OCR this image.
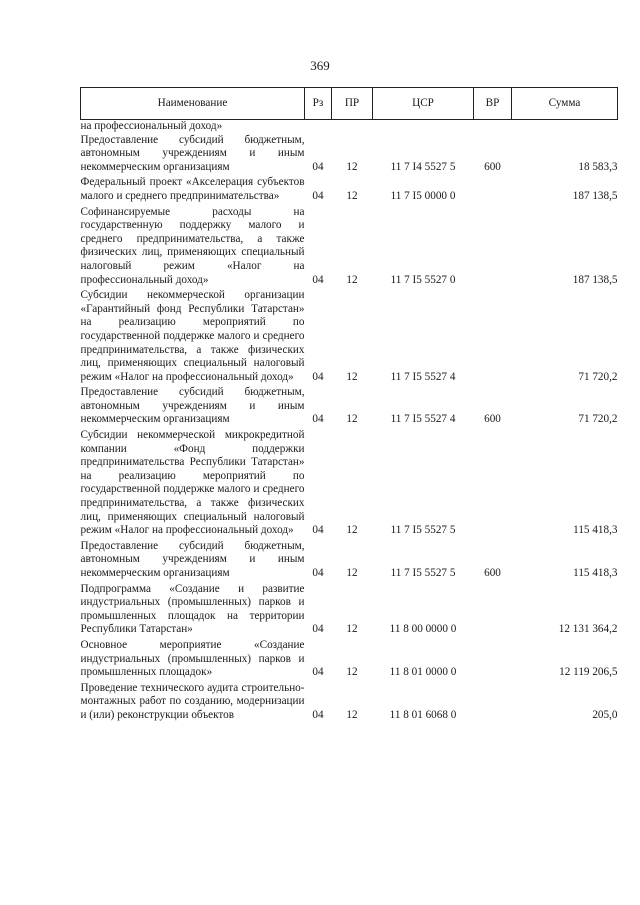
369
Наименование	Рз	ПР	ЦСР	ВР	Сумма
на профессиональный доход»					
Предоставление субсидий бюджетным, автономным учреждениям и иным некоммерческим организациям	04	12	11 7 I4 5527 5	600	18 583,3
Федеральный проект «Акселерация субъектов малого и среднего предпринимательства»	04	12	11 7 I5 0000 0		187 138,5
Софинансируемые расходы на государственную поддержку малого и среднего предпринимательства, а также физических лиц, применяющих специальный налоговый режим «Налог на профессиональный доход»	04	12	11 7 I5 5527 0		187 138,5
Субсидии некоммерческой организации «Гарантийный фонд Республики Татарстан» на реализацию мероприятий по государственной поддержке малого и среднего предпринимательства, а также физических лиц, применяющих специальный налоговый режим «Налог на профессиональный доход»	04	12	11 7 I5 5527 4		71 720,2
Предоставление субсидий бюджетным, автономным учреждениям и иным некоммерческим организациям	04	12	11 7 I5 5527 4	600	71 720,2
Субсидии некоммерческой микрокредитной компании «Фонд поддержки предпринимательства Республики Татарстан» на реализацию мероприятий по государственной поддержке малого и среднего предпринимательства, а также физических лиц, применяющих специальный налоговый режим «Налог на профессиональный доход»	04	12	11 7 I5 5527 5		115 418,3
Предоставление субсидий бюджетным, автономным учреждениям и иным некоммерческим организациям	04	12	11 7 I5 5527 5	600	115 418,3
Подпрограмма «Создание и развитие индустриальных (промышленных) парков и промышленных площадок на территории Республики Татарстан»	04	12	11 8 00 0000 0		12 131 364,2
Основное мероприятие «Создание индустриальных (промышленных) парков и промышленных площадок»	04	12	11 8 01 0000 0		12 119 206,5
Проведение технического аудита строительно-монтажных работ по созданию, модернизации и (или) реконструкции объектов	04	12	11 8 01 6068 0		205,0
